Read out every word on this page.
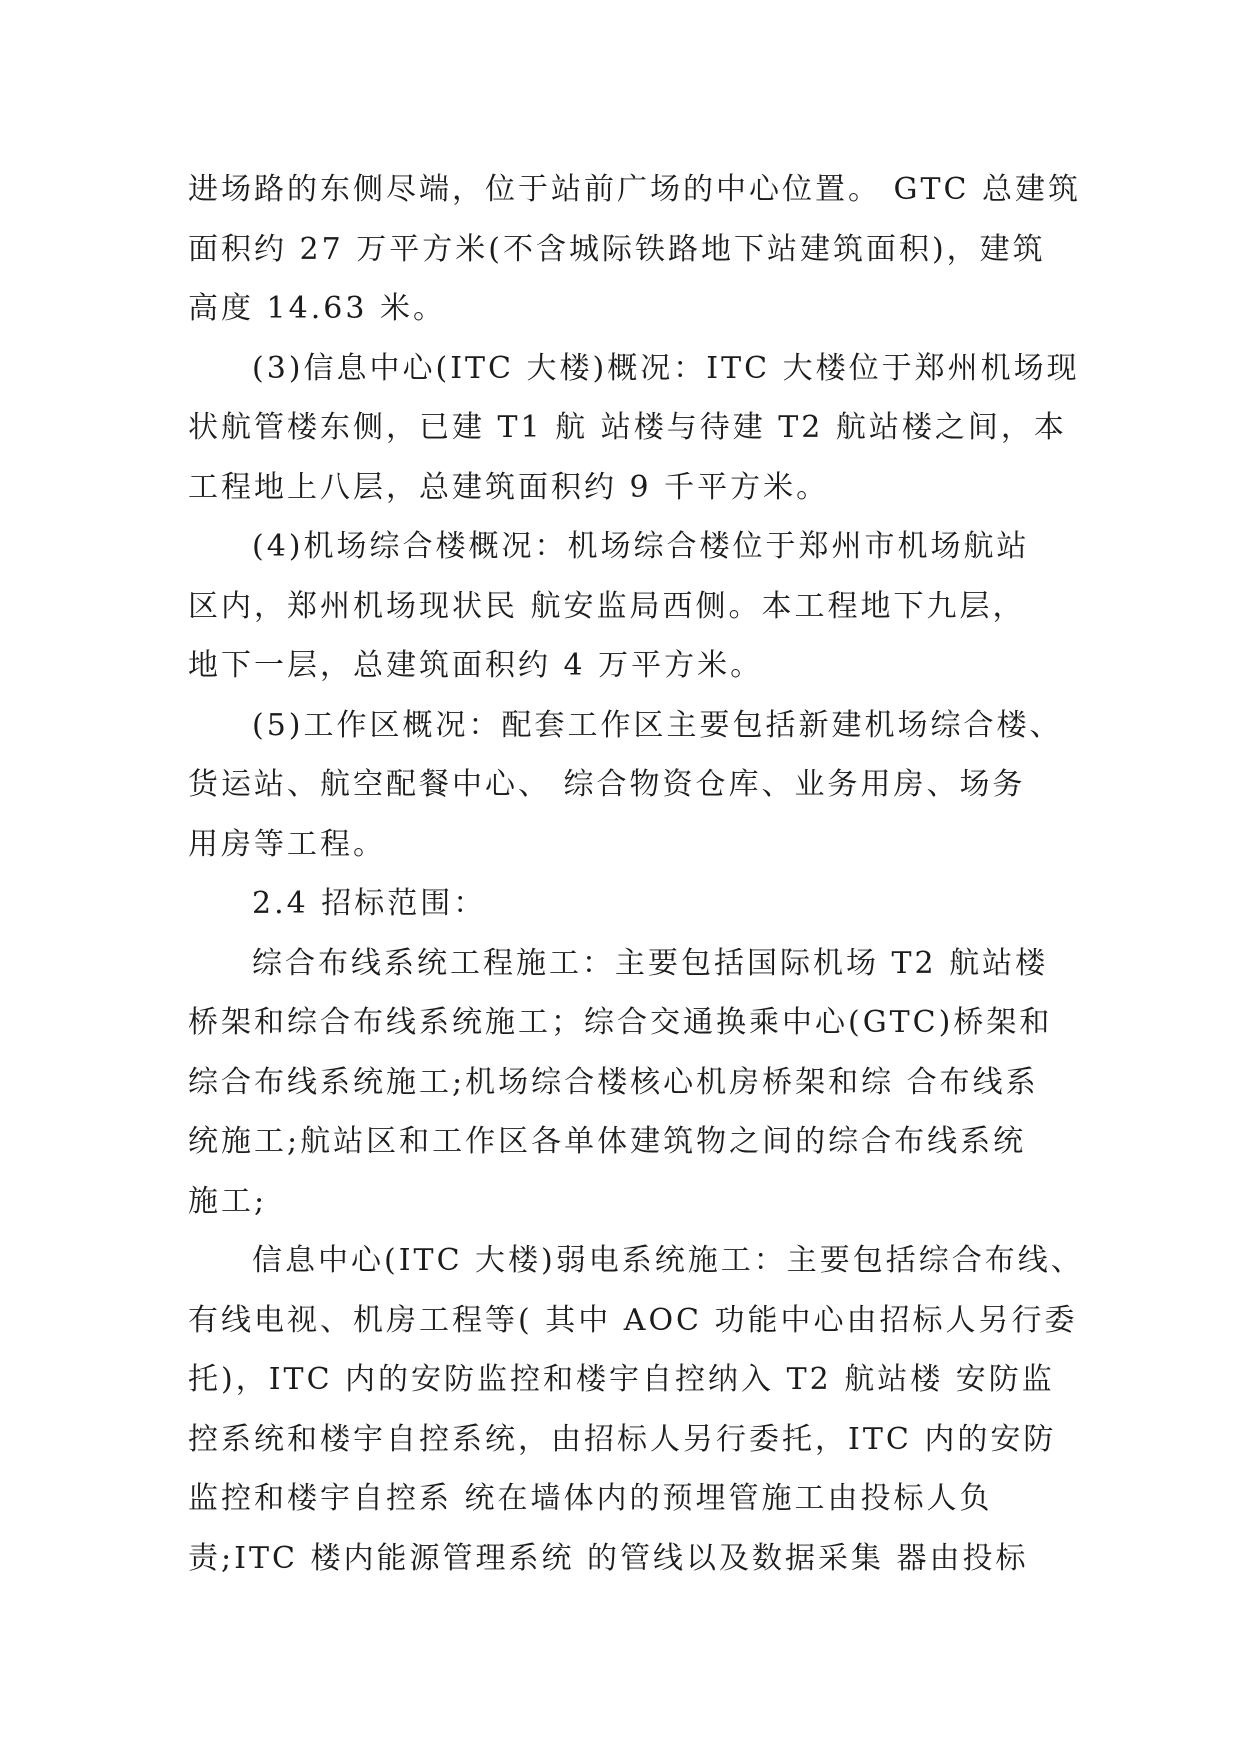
进场路的东侧尽端，位于站前广场的中心位置。 GTC 总建筑
面积约 27 万平方米(不含城际铁路地下站建筑面积)，建筑
高度 14.63 米。
(3)信息中心(ITC 大楼)概况：ITC 大楼位于郑州机场现
状航管楼东侧，已建 T1 航 站楼与待建 T2 航站楼之间，本
工程地上八层，总建筑面积约 9 千平方米。
(4)机场综合楼概况：机场综合楼位于郑州市机场航站
区内，郑州机场现状民 航安监局西侧。本工程地下九层，
地下一层，总建筑面积约 4 万平方米。
(5)工作区概况：配套工作区主要包括新建机场综合楼、
货运站、航空配餐中心、 综合物资仓库、业务用房、场务
用房等工程。
2.4 招标范围：
综合布线系统工程施工：主要包括国际机场 T2 航站楼
桥架和综合布线系统施工；综合交通换乘中心(GTC)桥架和
综合布线系统施工;机场综合楼核心机房桥架和综 合布线系
统施工;航站区和工作区各单体建筑物之间的综合布线系统
施工;
信息中心(ITC 大楼)弱电系统施工：主要包括综合布线、
有线电视、机房工程等( 其中 AOC 功能中心由招标人另行委
托)，ITC 内的安防监控和楼宇自控纳入 T2 航站楼 安防监
控系统和楼宇自控系统，由招标人另行委托，ITC 内的安防
监控和楼宇自控系 统在墙体内的预埋管施工由投标人负
责;ITC 楼内能源管理系统 的管线以及数据采集 器由投标
